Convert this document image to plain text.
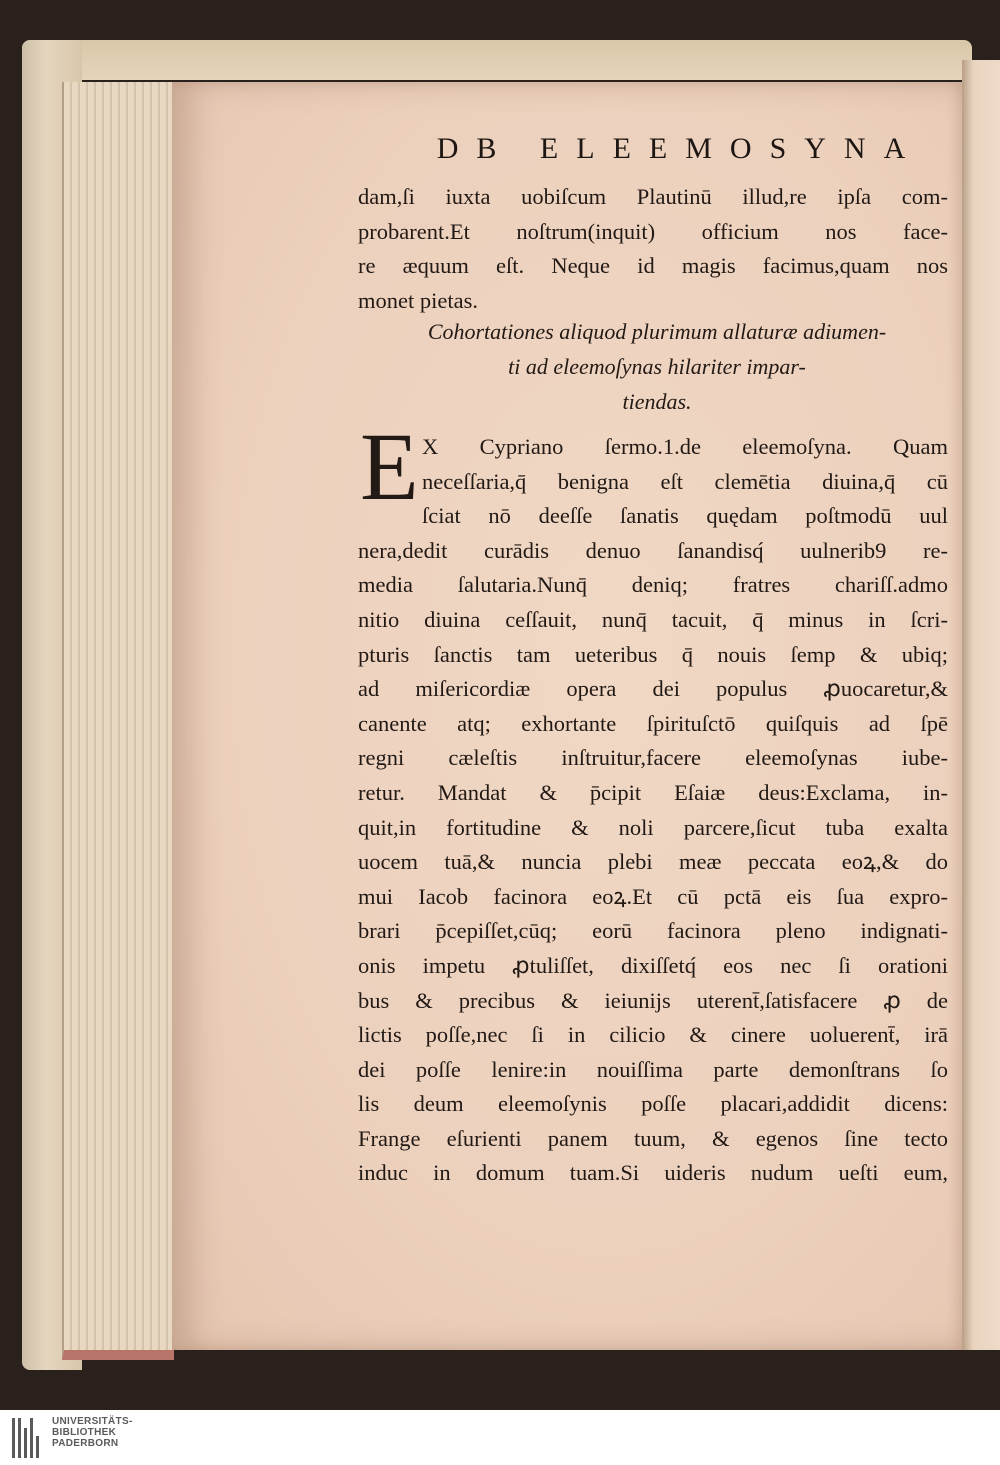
DB ELEEMOSYNA
dam,ſi iuxta uobiſcum Plautinū illud,re ipſa com-
probarent.Et noſtrum(inquit) officium nos face-
re æquum eſt. Neque id magis facimus,quam nos
monet pietas.
Cohortationes aliquod plurimum allaturæ adiumen-
ti ad eleemoſynas hilariter impar-
tiendas.
E X Cypriano ſermo.1.de eleemoſyna. Quam
neceſſaria,q̄ benigna eſt clemētia diuina,q̄ cū
ſciat nō deeſſe ſanatis quędam poſtmodū uul
nera,dedit curādis denuo ſanandisq́ uulnerib9 re-
media ſalutaria.Nunq̄ deniq; fratres chariſſ.admo
nitio diuina ceſſauit, nunq̄ tacuit, q̄ minus in ſcri-
pturis ſanctis tam ueteribus q̄ nouis ſemp & ubiq;
ad miſericordiæ opera dei populus ꝓuocaretur,&
canente atq; exhortante ſpirituſctō quiſquis ad ſpē
regni cæleſtis inſtruitur,facere eleemoſynas iube-
retur. Mandat & p̄cipit Eſaiæ deus:Exclama, in-
quit,in fortitudine & noli parcere,ſicut tuba exalta
uocem tuā,& nuncia plebi meæ peccata eoꝝ,& do
mui Iacob facinora eoꝝ.Et cū pctā eis ſua expro-
brari p̄cepiſſet,cūq; eorū facinora pleno indignati-
onis impetu ꝓtuliſſet, dixiſſetq́ eos nec ſi orationi
bus & precibus & ieiunijs uterent̄,ſatisfacere ꝓ de
lictis poſſe,nec ſi in cilicio & cinere uoluerent̄, irā
dei poſſe lenire:in nouiſſima parte demonſtrans ſo
lis deum eleemoſynis poſſe placari,addidit dicens:
Frange eſurienti panem tuum, & egenos ſine tecto
induc in domum tuam.Si uideris nudum ueſti eum,
UNIVERSITÄTS-
BIBLIOTHEK
PADERBORN
